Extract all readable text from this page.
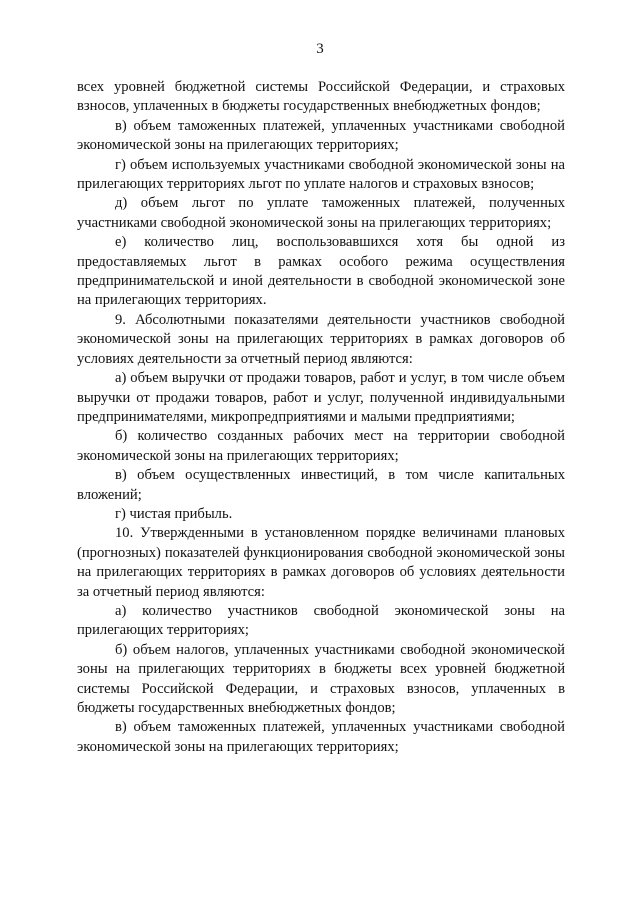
3

всех уровней бюджетной системы Российской Федерации, и страховых взносов, уплаченных в бюджеты государственных внебюджетных фондов;

в) объем таможенных платежей, уплаченных участниками свободной экономической зоны на прилегающих территориях;

г) объем используемых участниками свободной экономической зоны на прилегающих территориях льгот по уплате налогов и страховых взносов;

д) объем льгот по уплате таможенных платежей, полученных участниками свободной экономической зоны на прилегающих территориях;

е) количество лиц, воспользовавшихся хотя бы одной из предоставляемых льгот в рамках особого режима осуществления предпринимательской и иной деятельности в свободной экономической зоне на прилегающих территориях.

9. Абсолютными показателями деятельности участников свободной экономической зоны на прилегающих территориях в рамках договоров об условиях деятельности за отчетный период являются:

а) объем выручки от продажи товаров, работ и услуг, в том числе объем выручки от продажи товаров, работ и услуг, полученной индивидуальными предпринимателями, микропредприятиями и малыми предприятиями;

б) количество созданных рабочих мест на территории свободной экономической зоны на прилегающих территориях;

в) объем осуществленных инвестиций, в том числе капитальных вложений;

г) чистая прибыль.

10. Утвержденными в установленном порядке величинами плановых (прогнозных) показателей функционирования свободной экономической зоны на прилегающих территориях в рамках договоров об условиях деятельности за отчетный период являются:

а) количество участников свободной экономической зоны на прилегающих территориях;

б) объем налогов, уплаченных участниками свободной экономической зоны на прилегающих территориях в бюджеты всех уровней бюджетной системы Российской Федерации, и страховых взносов, уплаченных в бюджеты государственных внебюджетных фондов;

в) объем таможенных платежей, уплаченных участниками свободной экономической зоны на прилегающих территориях;
